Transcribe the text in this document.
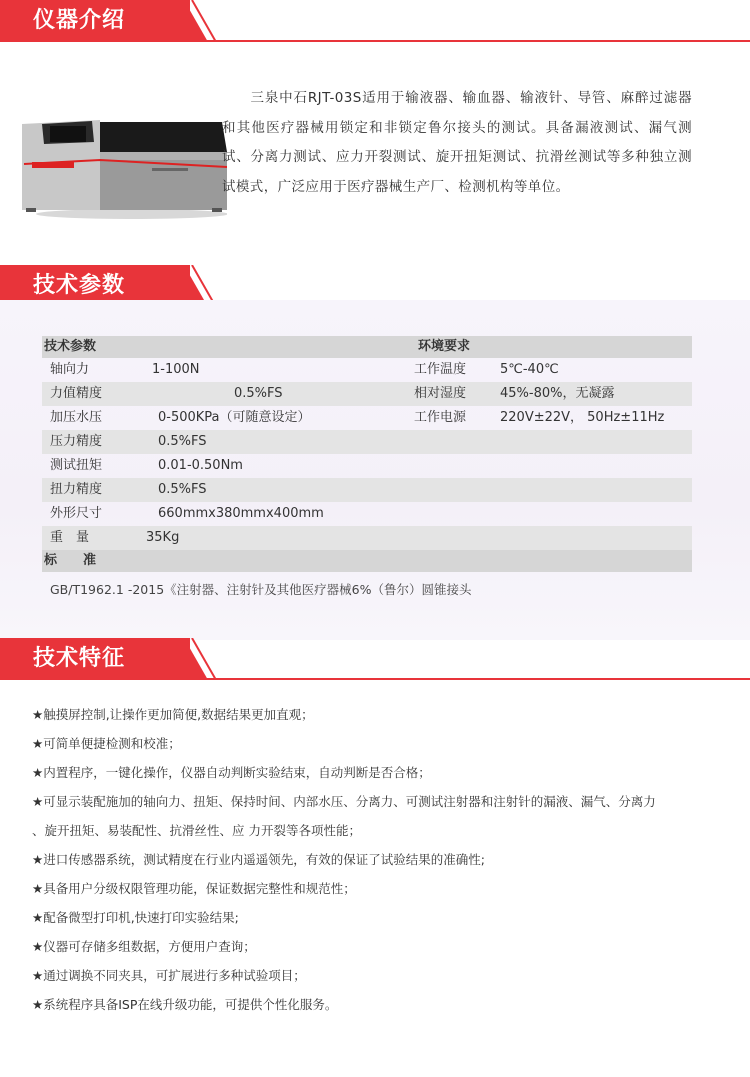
仪器介绍
三泉中石RJT-03S适用于输液器、输血器、输液针、导管、麻醉过滤器和其他医疗器械用锁定和非锁定鲁尔接头的测试。具备漏液测试、漏气测试、分离力测试、应力开裂测试、旋开扭矩测试、抗滑丝测试等多种独立测试模式，广泛应用于医疗器械生产厂、检测机构等单位。
技术参数
技术参数	环境要求
轴向力	1-100N	工作温度	5℃-40℃
力值精度	0.5%FS	相对湿度	45%-80%，无凝露
加压水压	0-500KPa（可随意设定）	工作电源	220V±22V， 50Hz±11Hz
压力精度	0.5%FS
测试扭矩	0.01-0.50Nm
扭力精度	0.5%FS
外形尺寸	660mmx380mmx400mm
重　量	35Kg
标　　准
GB/T1962.1 -2015《注射器、注射针及其他医疗器械6%（鲁尔）圆锥接头
技术特征
★触摸屏控制,让操作更加简便,数据结果更加直观；
★可简单便捷检测和校准；
★内置程序，一键化操作，仪器自动判断实验结束，自动判断是否合格；
★可显示装配施加的轴向力、扭矩、保持时间、内部水压、分离力、可测试注射器和注射针的漏液、漏气、分离力
、旋开扭矩、易装配性、抗滑丝性、应 力开裂等各项性能；
★进口传感器系统，测试精度在行业内遥遥领先，有效的保证了试验结果的准确性;
★具备用户分级权限管理功能，保证数据完整性和规范性；
★配备微型打印机,快速打印实验结果;
★仪器可存储多组数据，方便用户查询；
★通过调换不同夹具，可扩展进行多种试验项目；
★系统程序具备ISP在线升级功能，可提供个性化服务。
